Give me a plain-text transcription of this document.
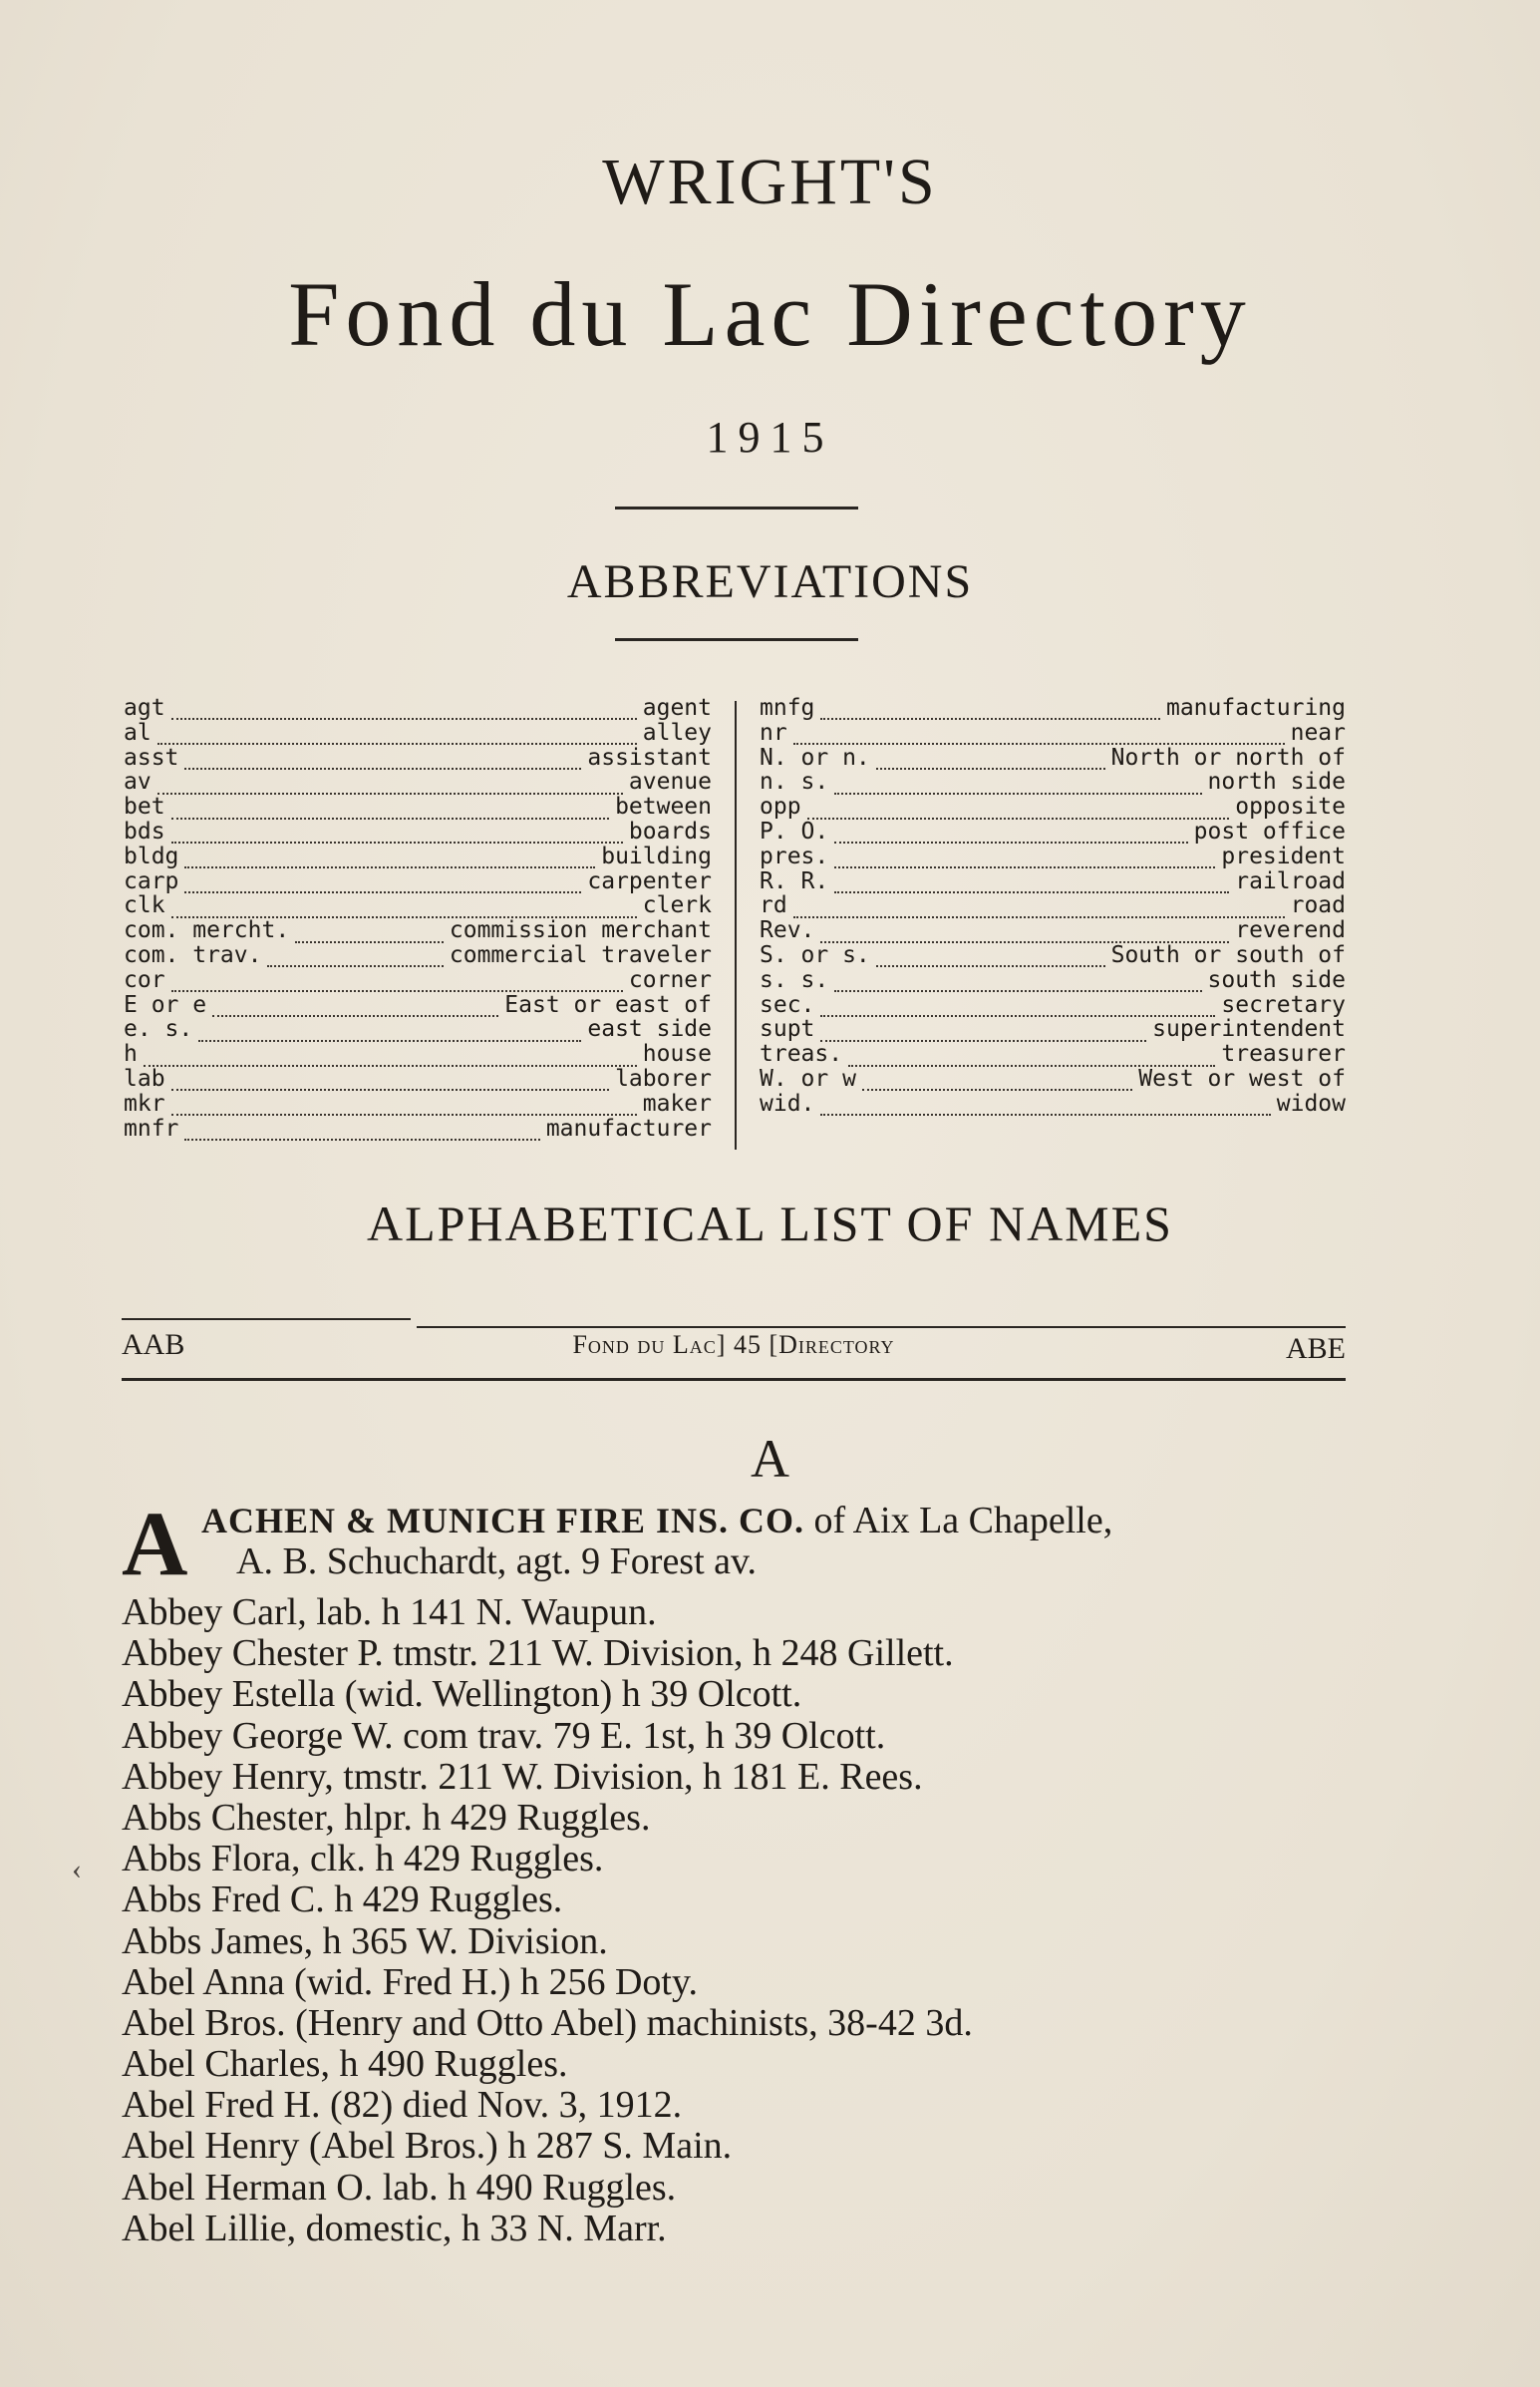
WRIGHT'S
Fond du Lac Directory
1915
ABBREVIATIONS
agt	agent
al	alley
asst	assistant
av	avenue
bet	between
bds	boards
bldg	building
carp	carpenter
clk	clerk
com. mercht.	commission merchant
com. trav.	commercial traveler
cor	corner
E or e	East or east of
e. s.	east side
h	house
lab	laborer
mkr	maker
mnfr	manufacturer
mnfg	manufacturing
nr	near
N. or n.	North or north of
n. s.	north side
opp	opposite
P. O.	post office
pres.	president
R. R.	railroad
rd	road
Rev.	reverend
S. or s.	South or south of
s. s.	south side
sec.	secretary
supt	superintendent
treas.	treasurer
W. or w	West or west of
wid.	widow
ALPHABETICAL LIST OF NAMES
AAB	Fond du Lac] 45 [Directory	ABE
A
A ACHEN & MUNICH FIRE INS. CO. of Aix La Chapelle,
A. B. Schuchardt, agt. 9 Forest av.
Abbey Carl, lab. h 141 N. Waupun.
Abbey Chester P. tmstr. 211 W. Division, h 248 Gillett.
Abbey Estella (wid. Wellington) h 39 Olcott.
Abbey George W. com trav. 79 E. 1st, h 39 Olcott.
Abbey Henry, tmstr. 211 W. Division, h 181 E. Rees.
Abbs Chester, hlpr. h 429 Ruggles.
Abbs Flora, clk. h 429 Ruggles.
Abbs Fred C. h 429 Ruggles.
Abbs James, h 365 W. Division.
Abel Anna (wid. Fred H.) h 256 Doty.
Abel Bros. (Henry and Otto Abel) machinists, 38-42 3d.
Abel Charles, h 490 Ruggles.
Abel Fred H. (82) died Nov. 3, 1912.
Abel Henry (Abel Bros.) h 287 S. Main.
Abel Herman O. lab. h 490 Ruggles.
Abel Lillie, domestic, h 33 N. Marr.
‹
